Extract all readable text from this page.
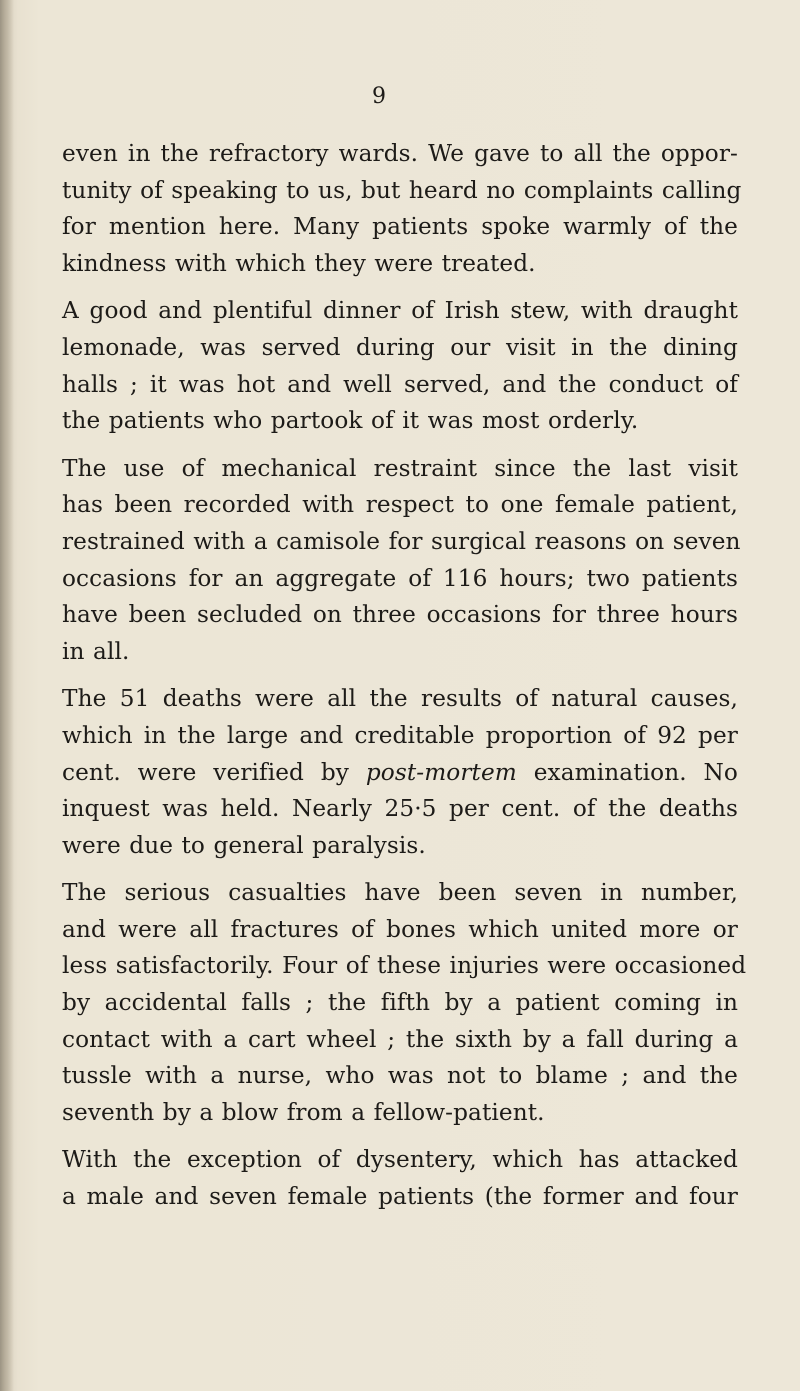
9

even in the refractory wards. We gave to all the oppor-
tunity of speaking to us, but heard no complaints calling
for mention here. Many patients spoke warmly of the
kindness with which they were treated.
A good and plentiful dinner of Irish stew, with draught
lemonade, was served during our visit in the dining
halls ; it was hot and well served, and the conduct of
the patients who partook of it was most orderly.
The use of mechanical restraint since the last visit
has been recorded with respect to one female patient,
restrained with a camisole for surgical reasons on seven
occasions for an aggregate of 116 hours; two patients
have been secluded on three occasions for three hours
in all.
The 51 deaths were all the results of natural causes,
which in the large and creditable proportion of 92 per
cent. were verified by post-mortem examination. No
inquest was held. Nearly 25·5 per cent. of the deaths
were due to general paralysis.
The serious casualties have been seven in number,
and were all fractures of bones which united more or
less satisfactorily. Four of these injuries were occasioned
by accidental falls ; the fifth by a patient coming in
contact with a cart wheel ; the sixth by a fall during a
tussle with a nurse, who was not to blame ; and the
seventh by a blow from a fellow-patient.
With the exception of dysentery, which has attacked
a male and seven female patients (the former and four
